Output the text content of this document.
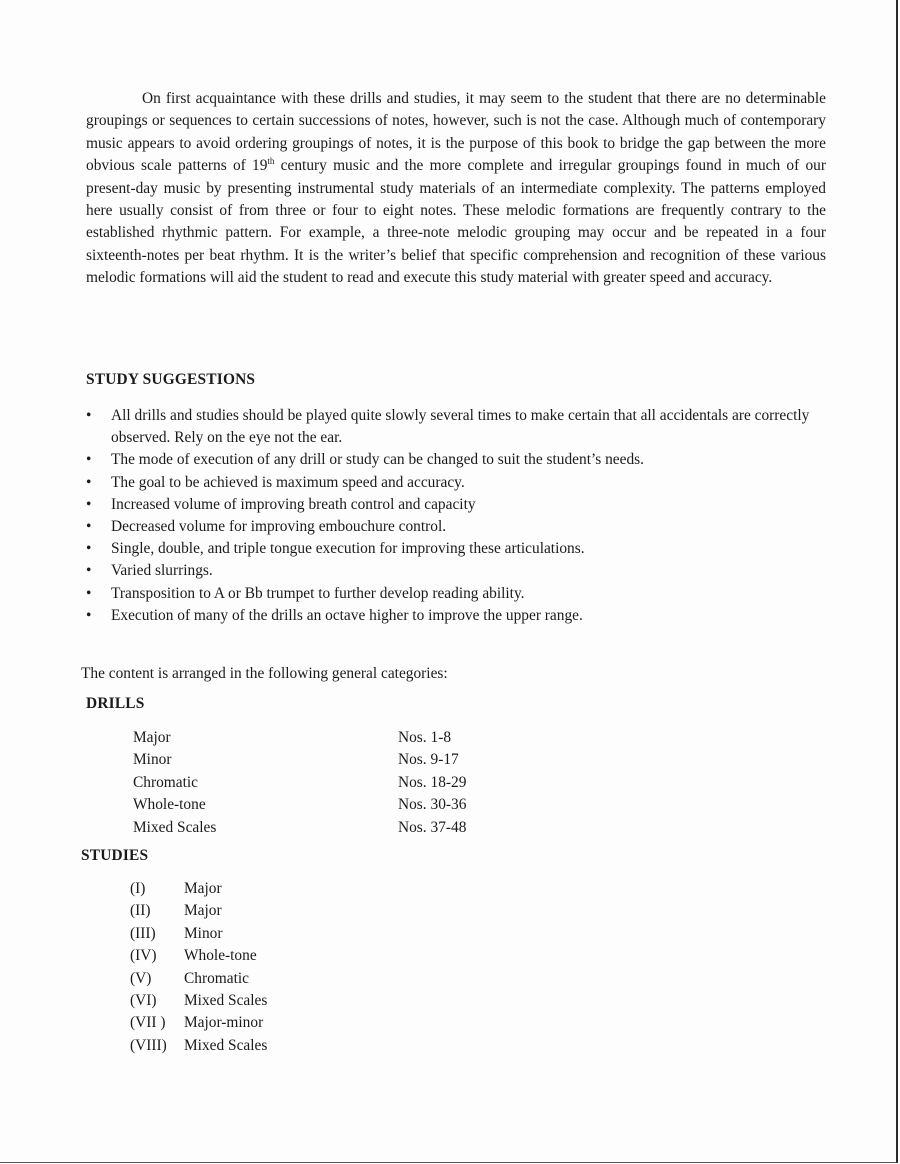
On first acquaintance with these drills and studies, it may seem to the student that there are no determinable groupings or sequences to certain successions of notes, however, such is not the case. Although much of contemporary music appears to avoid ordering groupings of notes, it is the purpose of this book to bridge the gap between the more obvious scale patterns of 19th century music and the more complete and irregular groupings found in much of our present-day music by presenting instrumental study materials of an intermediate complexity. The patterns employed here usually consist of from three or four to eight notes. These melodic formations are frequently contrary to the established rhythmic pattern. For example, a three-note melodic grouping may occur and be repeated in a four sixteenth-notes per beat rhythm. It is the writer’s belief that specific comprehension and recognition of these various melodic formations will aid the student to read and execute this study material with greater speed and accuracy.

STUDY SUGGESTIONS
• All drills and studies should be played quite slowly several times to make certain that all accidentals are correctly observed. Rely on the eye not the ear.
• The mode of execution of any drill or study can be changed to suit the student’s needs.
• The goal to be achieved is maximum speed and accuracy.
• Increased volume of improving breath control and capacity
• Decreased volume for improving embouchure control.
• Single, double, and triple tongue execution for improving these articulations.
• Varied slurrings.
• Transposition to A or Bb trumpet to further develop reading ability.
• Execution of many of the drills an octave higher to improve the upper range.

The content is arranged in the following general categories:

DRILLS
Major	Nos. 1-8
Minor	Nos. 9-17
Chromatic	Nos. 18-29
Whole-tone	Nos. 30-36
Mixed Scales	Nos. 37-48
STUDIES
(I)	Major
(II)	Major
(III)	Minor
(IV)	Whole-tone
(V)	Chromatic
(VI)	Mixed Scales
(VII )	Major-minor
(VIII)	Mixed Scales
